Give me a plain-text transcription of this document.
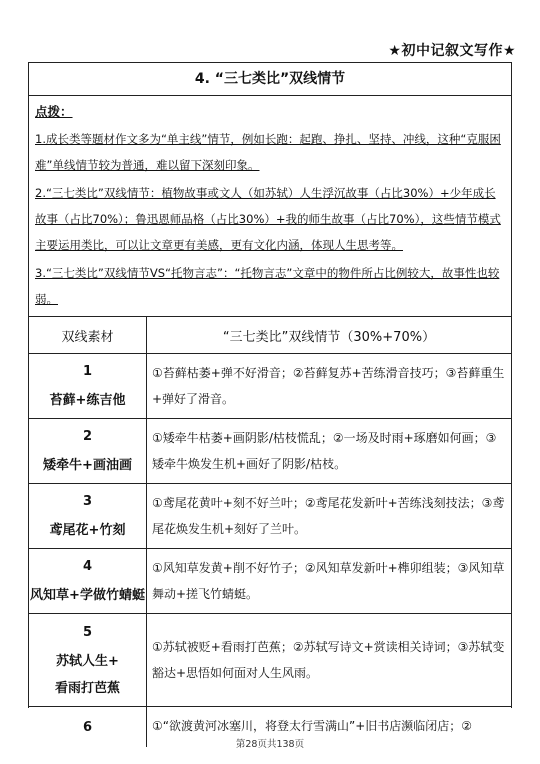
★初中记叙文写作★
4. “三七类比”双线情节
点拨：
1.成长类等题材作文多为“单主线”情节，例如长跑：起跑、挣扎、坚持、冲线，这种“克服困难”单线情节较为普通，难以留下深刻印象。
2.“三七类比”双线情节：植物故事或文人（如苏轼）人生浮沉故事（占比30%）+少年成长故事（占比70%）；鲁迅恩师品格（占比30%）+我的师生故事（占比70%），这些情节模式主要运用类比，可以让文章更有美感，更有文化内涵，体现人生思考等。
3.“三七类比”双线情节VS“托物言志”：“托物言志”文章中的物件所占比例较大，故事性也较弱。
双线素材	“三七类比”双线情节（30%+70%）
1
苔藓+练吉他
①苔藓枯萎+弹不好滑音；②苔藓复苏+苦练滑音技巧；③苔藓重生+弹好了滑音。
2
矮牵牛+画油画
①矮牵牛枯萎+画阴影/枯枝慌乱；②一场及时雨+琢磨如何画；③矮牵牛焕发生机+画好了阴影/枯枝。
3
鸢尾花+竹刻
①鸢尾花黄叶+刻不好兰叶；②鸢尾花发新叶+苦练浅刻技法；③鸢尾花焕发生机+刻好了兰叶。
4
风知草+学做竹蜻蜓
①风知草发黄+削不好竹子；②风知草发新叶+榫卯组装；③风知草舞动+搓飞竹蜻蜓。
5
苏轼人生+
看雨打芭蕉
①苏轼被贬+看雨打芭蕉；②苏轼写诗文+赏读相关诗词；③苏轼变豁达+思悟如何面对人生风雨。
6	①“欲渡黄河冰塞川，将登太行雪满山”+旧书店濒临闭店；②
第28页共138页
